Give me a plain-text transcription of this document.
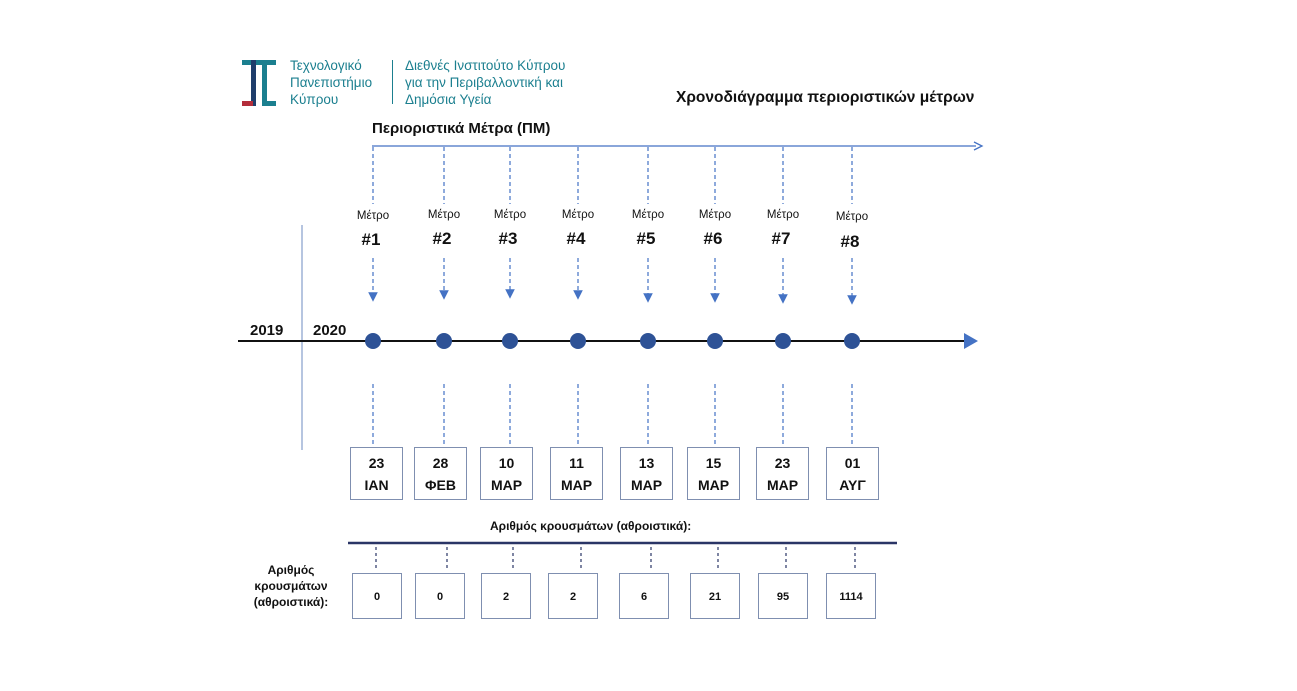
Τεχνολογικό
Πανεπιστήμιο
Κύπρου
Διεθνές Ινστιτούτο Κύπρου
για την Περιβαλλοντική και
Δημόσια Υγεία	Χρονοδιάγραμμα περιοριστικών μέτρων
Περιοριστικά Μέτρα (ΠΜ)
2019 2020
Μέτρο
#1
Μέτρο
#2
Μέτρο
#3
Μέτρο
#4
Μέτρο
#5
Μέτρο
#6
Μέτρο
#7
Μέτρο
#8
23
ΙΑΝ
28
ΦΕΒ
10
ΜΑΡ
11
ΜΑΡ
13
ΜΑΡ
15
ΜΑΡ
23
ΜΑΡ
01
ΑΥΓ
Αριθμός κρουσμάτων (αθροιστικά):
Αριθμός
κρουσμάτων
(αθροιστικά):	0	0	2	2	6	21	95	1114
